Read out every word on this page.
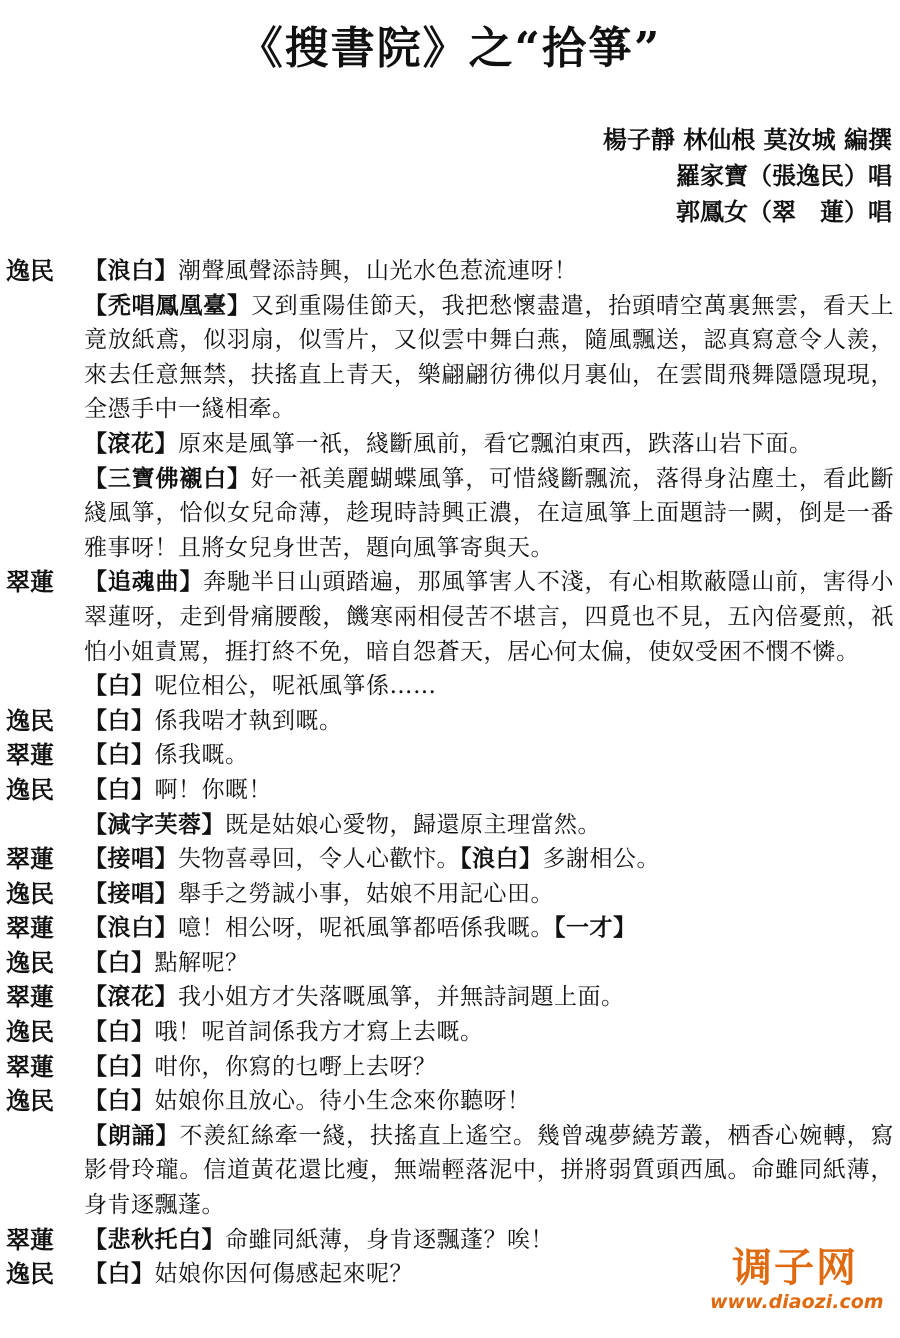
《搜書院》之“拾箏”
楊子靜 林仙根 莫汝城 編撰
羅家寶（張逸民）唱
郭鳳女（翠　蓮）唱
逸民	【浪白】潮聲風聲添詩興，山光水色惹流連呀！
【禿唱鳳凰臺】又到重陽佳節天，我把愁懷盡遣，抬頭晴空萬裏無雲，看天上竟放紙鳶，似羽扇，似雪片，又似雲中舞白燕，隨風飄送，認真寫意令人羨，來去任意無禁，扶搖直上青天，樂翩翩彷彿似月裏仙，在雲間飛舞隱隱現現，全憑手中一綫相牽。
【滾花】原來是風箏一祇，綫斷風前，看它飄泊東西，跌落山岩下面。
【三寶佛襯白】好一祇美麗蝴蝶風箏，可惜綫斷飄流，落得身沾塵土，看此斷綫風箏，恰似女兒命薄，趁現時詩興正濃，在這風箏上面題詩一闕，倒是一番雅事呀！且將女兒身世苦，題向風箏寄與天。
翠蓮	【追魂曲】奔馳半日山頭踏遍，那風箏害人不淺，有心相欺蔽隱山前，害得小翠蓮呀，走到骨痛腰酸，饑寒兩相侵苦不堪言，四覓也不見，五內倍憂煎，祇怕小姐責罵，捱打終不免，暗自怨蒼天，居心何太偏，使奴受困不憫不憐。
【白】呢位相公，呢祇風箏係……
逸民	【白】係我啱才執到嘅。
翠蓮	【白】係我嘅。
逸民	【白】啊！你嘅！
【減字芙蓉】既是姑娘心愛物，歸還原主理當然。
翠蓮	【接唱】失物喜尋回，令人心歡忭。【浪白】多謝相公。
逸民	【接唱】舉手之勞誠小事，姑娘不用記心田。
翠蓮	【浪白】噫！相公呀，呢祇風箏都唔係我嘅。【一才】
逸民	【白】點解呢？
翠蓮	【滾花】我小姐方才失落嘅風箏，并無詩詞題上面。
逸民	【白】哦！呢首詞係我方才寫上去嘅。
翠蓮	【白】咁你，你寫的乜嘢上去呀？
逸民	【白】姑娘你且放心。待小生念來你聽呀！
【朗誦】不羨紅絲牽一綫，扶搖直上遙空。幾曾魂夢繞芳叢，栖香心婉轉，寫影骨玲瓏。信道黃花還比瘦，無端輕落泥中，拼將弱質頭西風。命雖同紙薄，身肯逐飄蓬。
翠蓮	【悲秋托白】命雖同紙薄，身肯逐飄蓬？唉！
逸民	【白】姑娘你因何傷感起來呢？	调子网
www.diaozi.com
